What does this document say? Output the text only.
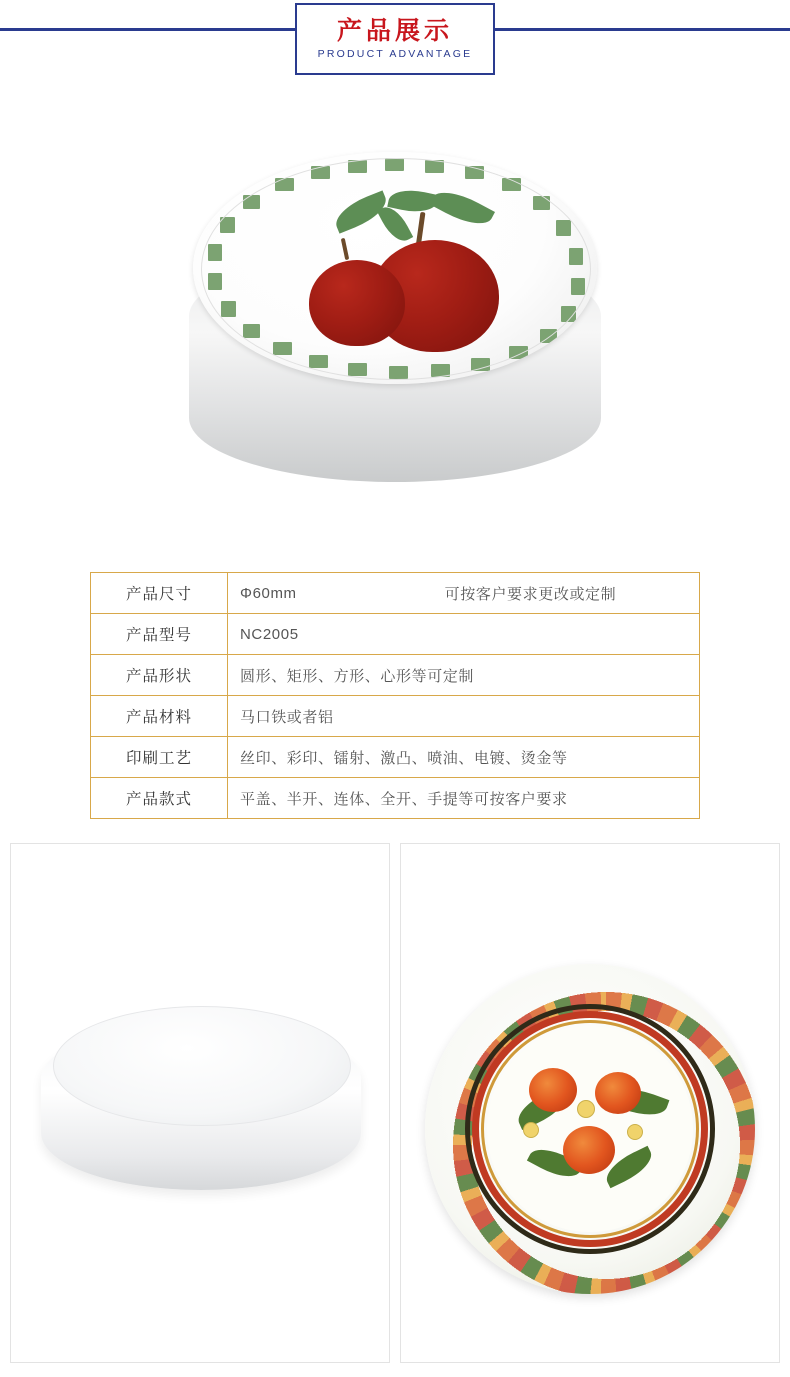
产品展示
PRODUCT ADVANTAGE
产品尺寸	Φ60mm 可按客户要求更改或定制

产品型号	NC2005
产品形状	圆形、矩形、方形、心形等可定制
产品材料	马口铁或者铝
印刷工艺	丝印、彩印、镭射、激凸、喷油、电镀、烫金等
产品款式	平盖、半开、连体、全开、手提等可按客户要求
